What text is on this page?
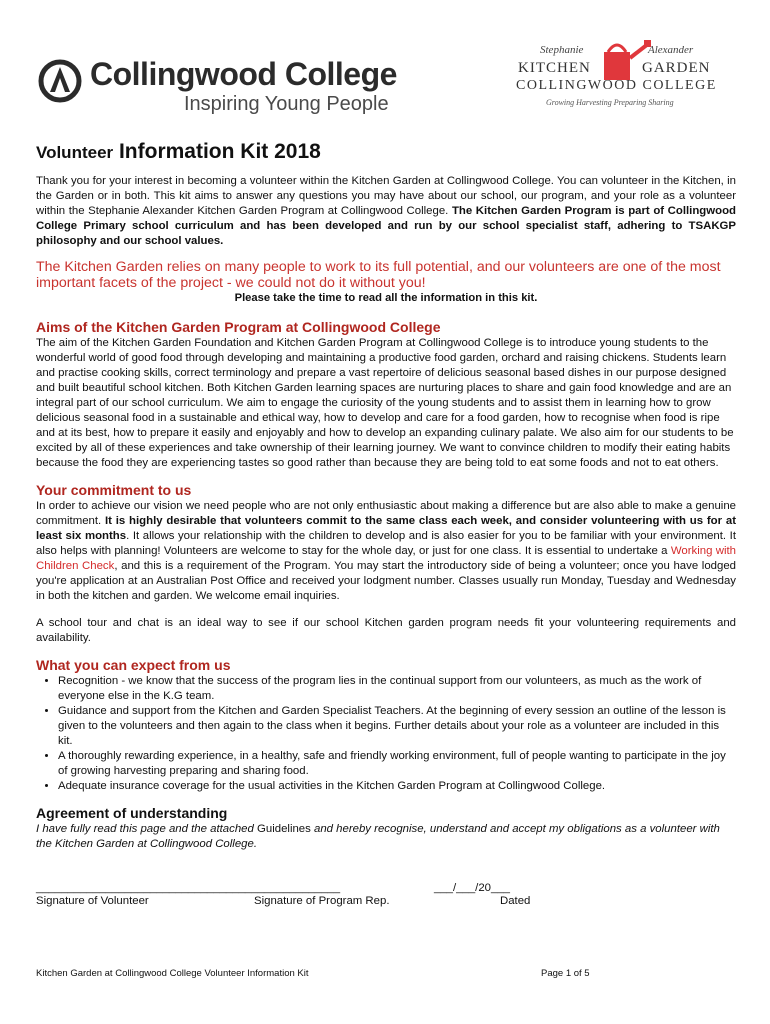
Collingwood College
Inspiring Young People
Stephanie	Alexander
KITCHEN	GARDEN
COLLINGWOOD COLLEGE
Growing Harvesting Preparing Sharing
Volunteer Information Kit 2018

Thank you for your interest in becoming a volunteer within the Kitchen Garden at Collingwood College. You can volunteer in the Kitchen, in the Garden or in both. This kit aims to answer any questions you may have about our school, our program, and your role as a volunteer within the Stephanie Alexander Kitchen Garden Program at Collingwood College. The Kitchen Garden Program is part of Collingwood College Primary school curriculum and has been developed and run by our school specialist staff, adhering to TSAKGP philosophy and our school values.

The Kitchen Garden relies on many people to work to its full potential, and our volunteers are one of the most important facets of the project - we could not do it without you!

Please take the time to read all the information in this kit.

Aims of the Kitchen Garden Program at Collingwood College

The aim of the Kitchen Garden Foundation and Kitchen Garden Program at Collingwood College is to introduce young students to the wonderful world of good food through developing and maintaining a productive food garden, orchard and raising chickens. Students learn and practise cooking skills, correct terminology and prepare a vast repertoire of delicious seasonal based dishes in our purpose designed and built beautiful school kitchen. Both Kitchen Garden learning spaces are nurturing places to share and gain food knowledge and are an integral part of our school curriculum. We aim to engage the curiosity of the young students and to assist them in learning how to grow delicious seasonal food in a sustainable and ethical way, how to develop and care for a food garden, how to recognise when food is ripe and at its best, how to prepare it easily and enjoyably and how to develop an expanding culinary palate. We also aim for our students to be excited by all of these experiences and take ownership of their learning journey. We want to convince children to modify their eating habits because the food they are experiencing tastes so good rather than because they are being told to eat some foods and not to eat others.

Your commitment to us

In order to achieve our vision we need people who are not only enthusiastic about making a difference but are also able to make a genuine commitment. It is highly desirable that volunteers commit to the same class each week, and consider volunteering with us for at least six months. It allows your relationship with the children to develop and is also easier for you to be familiar with your environment. It also helps with planning! Volunteers are welcome to stay for the whole day, or just for one class. It is essential to undertake a Working with Children Check, and this is a requirement of the Program. You may start the introductory side of being a volunteer; once you have lodged you're application at an Australian Post Office and received your lodgment number. Classes usually run Monday, Tuesday and Wednesday in both the kitchen and garden. We welcome email inquiries.

A school tour and chat is an ideal way to see if our school Kitchen garden program needs fit your volunteering requirements and availability.

What you can expect from us
• Recognition - we know that the success of the program lies in the continual support from our volunteers, as much as the work of everyone else in the K.G team.
• Guidance and support from the Kitchen and Garden Specialist Teachers. At the beginning of every session an outline of the lesson is given to the volunteers and then again to the class when it begins. Further details about your role as a volunteer are included in this kit.
• A thoroughly rewarding experience, in a healthy, safe and friendly working environment, full of people wanting to participate in the joy of growing harvesting preparing and sharing food.
• Adequate insurance coverage for the usual activities in the Kitchen Garden Program at Collingwood College.
Agreement of understanding

I have fully read this page and the attached Guidelines and hereby recognise, understand and accept my obligations as a volunteer with the Kitchen Garden at Collingwood College.

________________________________________________	___/___/20___
Signature of Volunteer	Signature of Program Rep.	Dated
Kitchen Garden at Collingwood College Volunteer Information Kit	Page 1 of 5
